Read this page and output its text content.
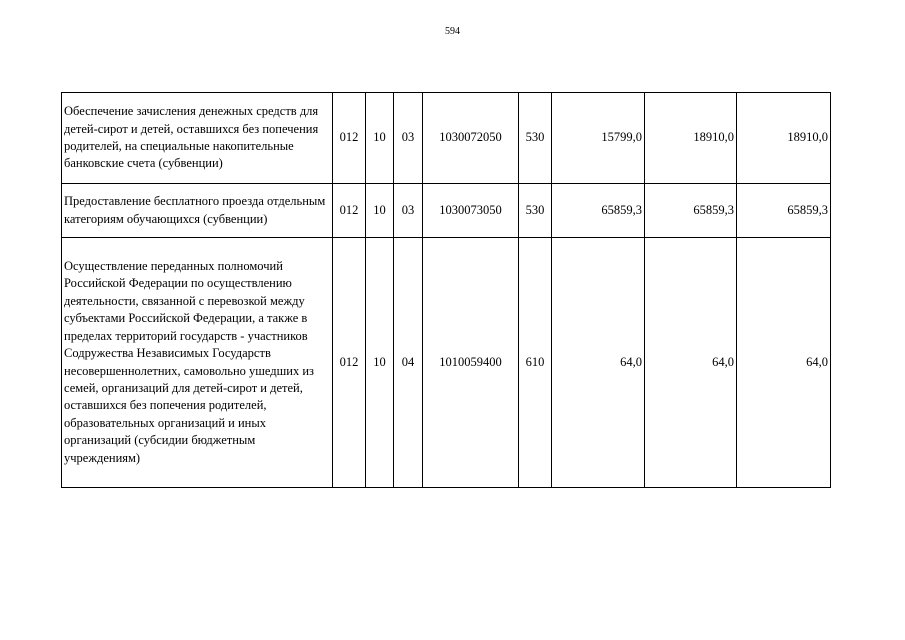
594
Обеспечение зачисления денежных средств для детей-сирот и детей, оставшихся без попечения родителей, на специальные накопительные банковские счета (субвенции)	012	10	03	1030072050	530	15799,0	18910,0	18910,0
Предоставление бесплатного проезда отдельным категориям обучающихся (субвенции)	012	10	03	1030073050	530	65859,3	65859,3	65859,3
Осуществление переданных полномочий Российской Федерации по осуществлению деятельности, связанной с перевозкой между субъектами Российской Федерации, а также в пределах территорий государств - участников Содружества Независимых Государств несовершеннолетних, самовольно ушедших из семей, организаций для детей-сирот и детей, оставшихся без попечения родителей, образовательных организаций и иных организаций (субсидии бюджетным учреждениям)	012	10	04	1010059400	610	64,0	64,0	64,0
